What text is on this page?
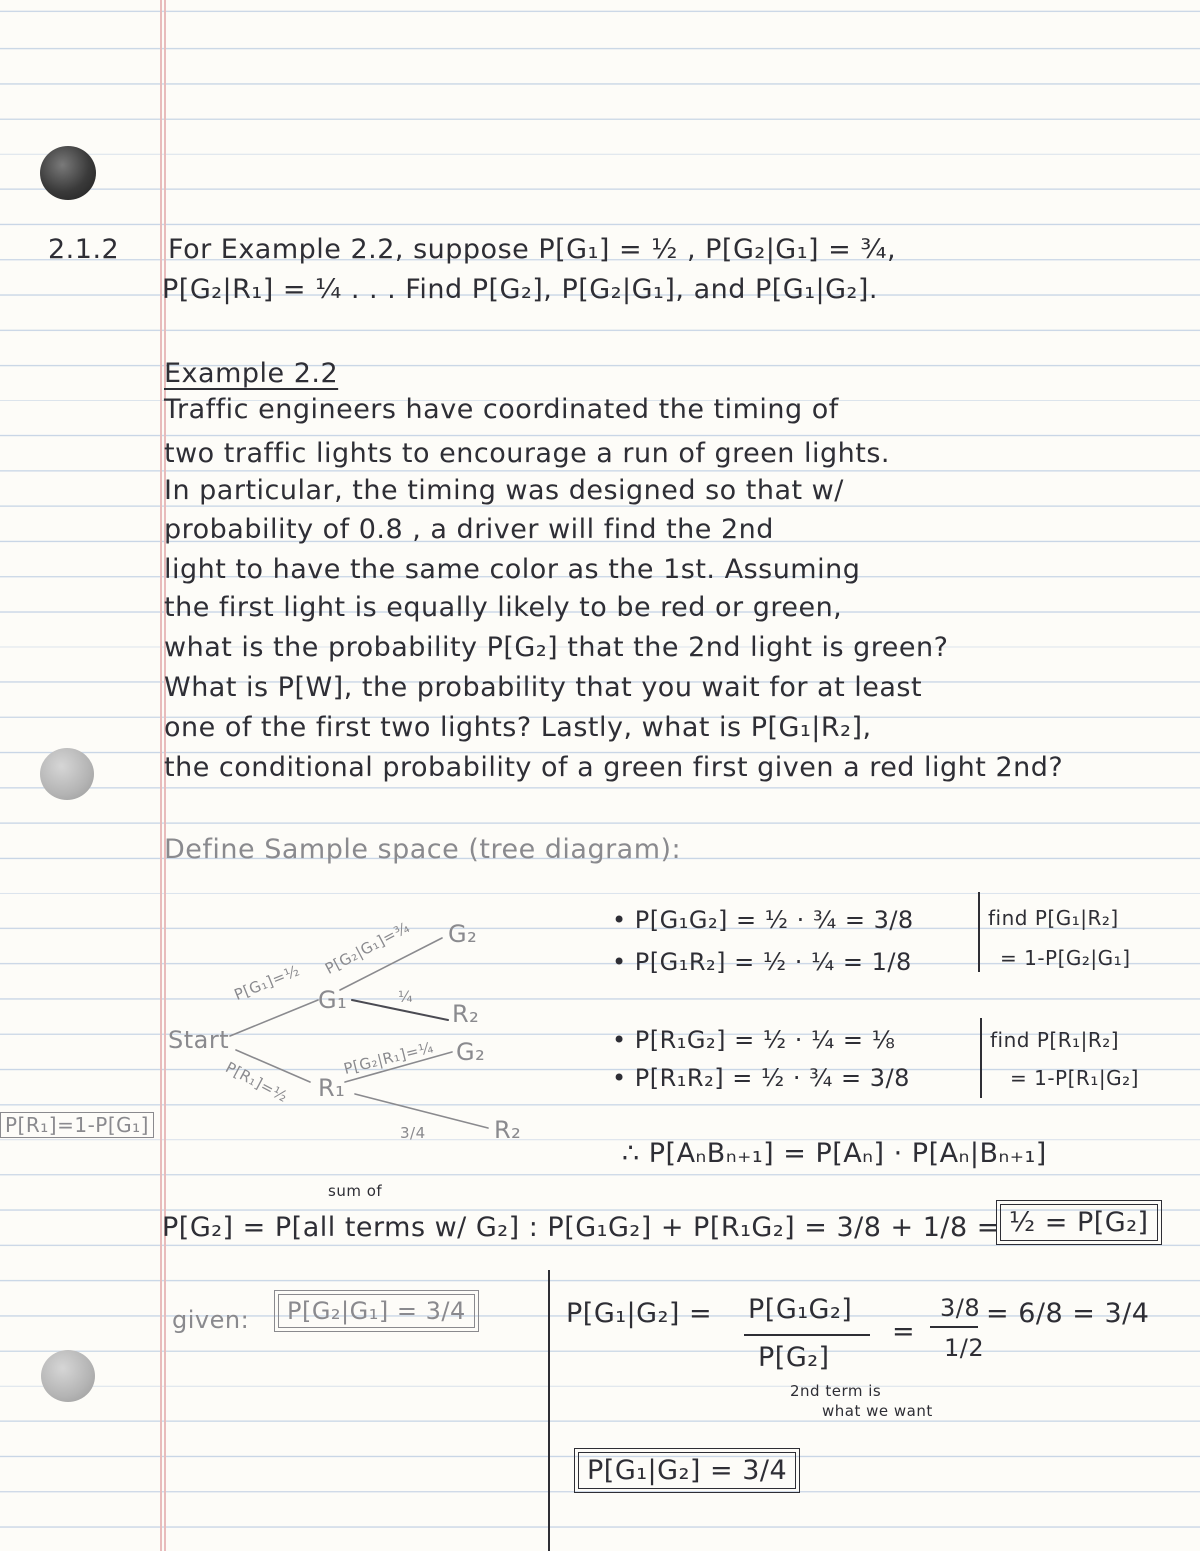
2.1.2 For Example 2.2, suppose P[G₁] = ½ , P[G₂|G₁] = ¾,
P[G₂|R₁] = ¼ . . . Find P[G₂], P[G₂|G₁], and P[G₁|G₂].
Example 2.2
Traffic engineers have coordinated the timing of
two traffic lights to encourage a run of green lights.
In particular, the timing was designed so that w/
probability of 0.8 , a driver will find the 2nd
light to have the same color as the 1st. Assuming
the first light is equally likely to be red or green,
what is the probability P[G₂] that the 2nd light is green?
What is P[W], the probability that you wait for at least
one of the first two lights? Lastly, what is P[G₁|R₂],
the conditional probability of a green first given a red light 2nd?
Define Sample space (tree diagram):
Start
G₁
R₁
G₂
R₂
G₂
R₂
P[G₁]=½
P[R₁]=½
P[G₂|G₁]=¾
¼
P[G₂|R₁]=¼
3/4
P[R₁]=1-P[G₁]
• P[G₁G₂] = ½ · ¾ = 3/8
• P[G₁R₂] = ½ · ¼ = 1/8
• P[R₁G₂] = ½ · ¼ = ⅛
• P[R₁R₂] = ½ · ¾ = 3/8
find P[G₁|R₂]
= 1-P[G₂|G₁]
find P[R₁|R₂]
= 1-P[R₁|G₂]
∴ P[AₙBₙ₊₁] = P[Aₙ] · P[Aₙ|Bₙ₊₁]
sum of
P[G₂] = P[all terms w/ G₂] : P[G₁G₂] + P[R₁G₂] = 3/8 + 1/8 = ½ = P[G₂]
given:	P[G₂|G₁] = 3/4	P[G₁|G₂] = P[G₁G₂]
P[G₂]
=
3/8
1/2
= 6/8 = 3/4
2nd term is
what we want
P[G₁|G₂] = 3/4
